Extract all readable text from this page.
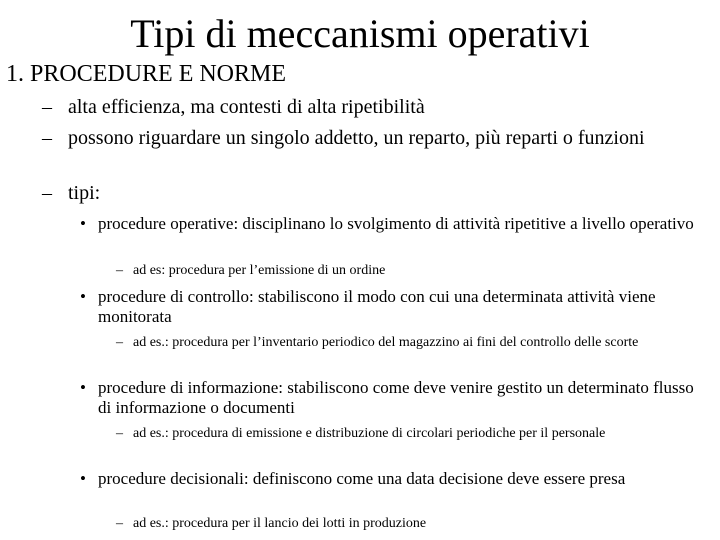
Tipi di meccanismi operativi
1. PROCEDURE E NORME
– alta efficienza, ma contesti di alta ripetibilità
– possono riguardare un singolo addetto, un reparto, più reparti o funzioni
– tipi:
• procedure operative: disciplinano lo svolgimento di attività ripetitive a livello operativo
– ad es: procedura per l’emissione di un ordine
• procedure di controllo: stabiliscono il modo con cui una determinata attività viene monitorata
– ad es.: procedura per l’inventario periodico del magazzino ai fini del controllo delle scorte
• procedure di informazione: stabiliscono come deve venire gestito un determinato flusso di informazione o documenti
– ad es.: procedura di emissione e distribuzione di circolari periodiche per il personale
• procedure decisionali: definiscono come una data decisione deve essere presa
– ad es.: procedura per il lancio dei lotti in produzione
